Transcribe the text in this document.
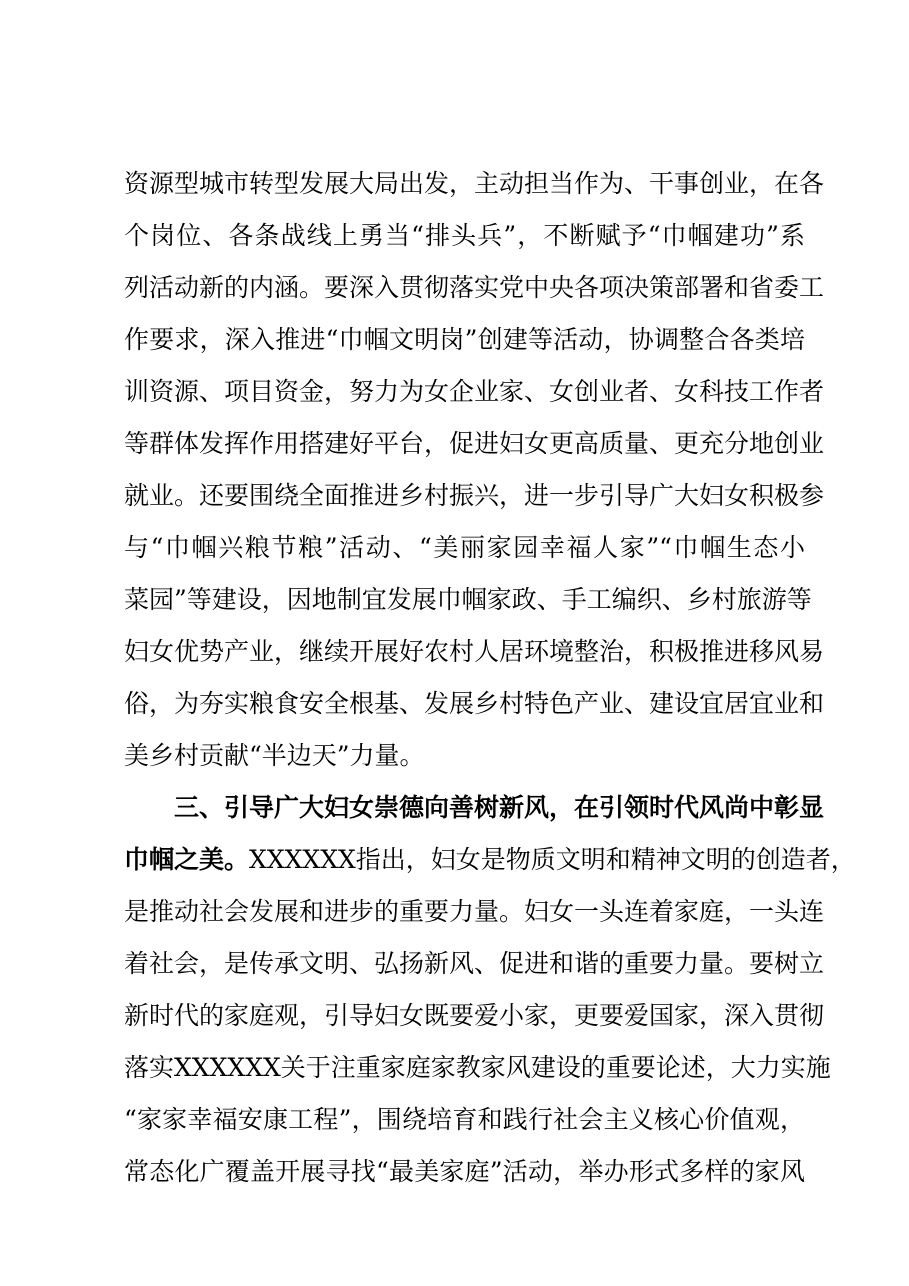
资源型城市转型发展大局出发，主动担当作为、干事创业，在各
个岗位、各条战线上勇当“排头兵”，不断赋予“巾帼建功”系
列活动新的内涵。要深入贯彻落实党中央各项决策部署和省委工
作要求，深入推进“巾帼文明岗”创建等活动，协调整合各类培
训资源、项目资金，努力为女企业家、女创业者、女科技工作者
等群体发挥作用搭建好平台，促进妇女更高质量、更充分地创业
就业。还要围绕全面推进乡村振兴，进一步引导广大妇女积极参
与“巾帼兴粮节粮”活动、“美丽家园幸福人家”“巾帼生态小
菜园”等建设，因地制宜发展巾帼家政、手工编织、乡村旅游等
妇女优势产业，继续开展好农村人居环境整治，积极推进移风易
俗，为夯实粮食安全根基、发展乡村特色产业、建设宜居宜业和
美乡村贡献“半边天”力量。
三、引导广大妇女崇德向善树新风，在引领时代风尚中彰显
巾帼之美。XXXXXX指出，妇女是物质文明和精神文明的创造者，
是推动社会发展和进步的重要力量。妇女一头连着家庭，一头连
着社会，是传承文明、弘扬新风、促进和谐的重要力量。要树立
新时代的家庭观，引导妇女既要爱小家，更要爱国家，深入贯彻
落实XXXXXX关于注重家庭家教家风建设的重要论述，大力实施
“家家幸福安康工程”，围绕培育和践行社会主义核心价值观，
常态化广覆盖开展寻找“最美家庭”活动，举办形式多样的家风
